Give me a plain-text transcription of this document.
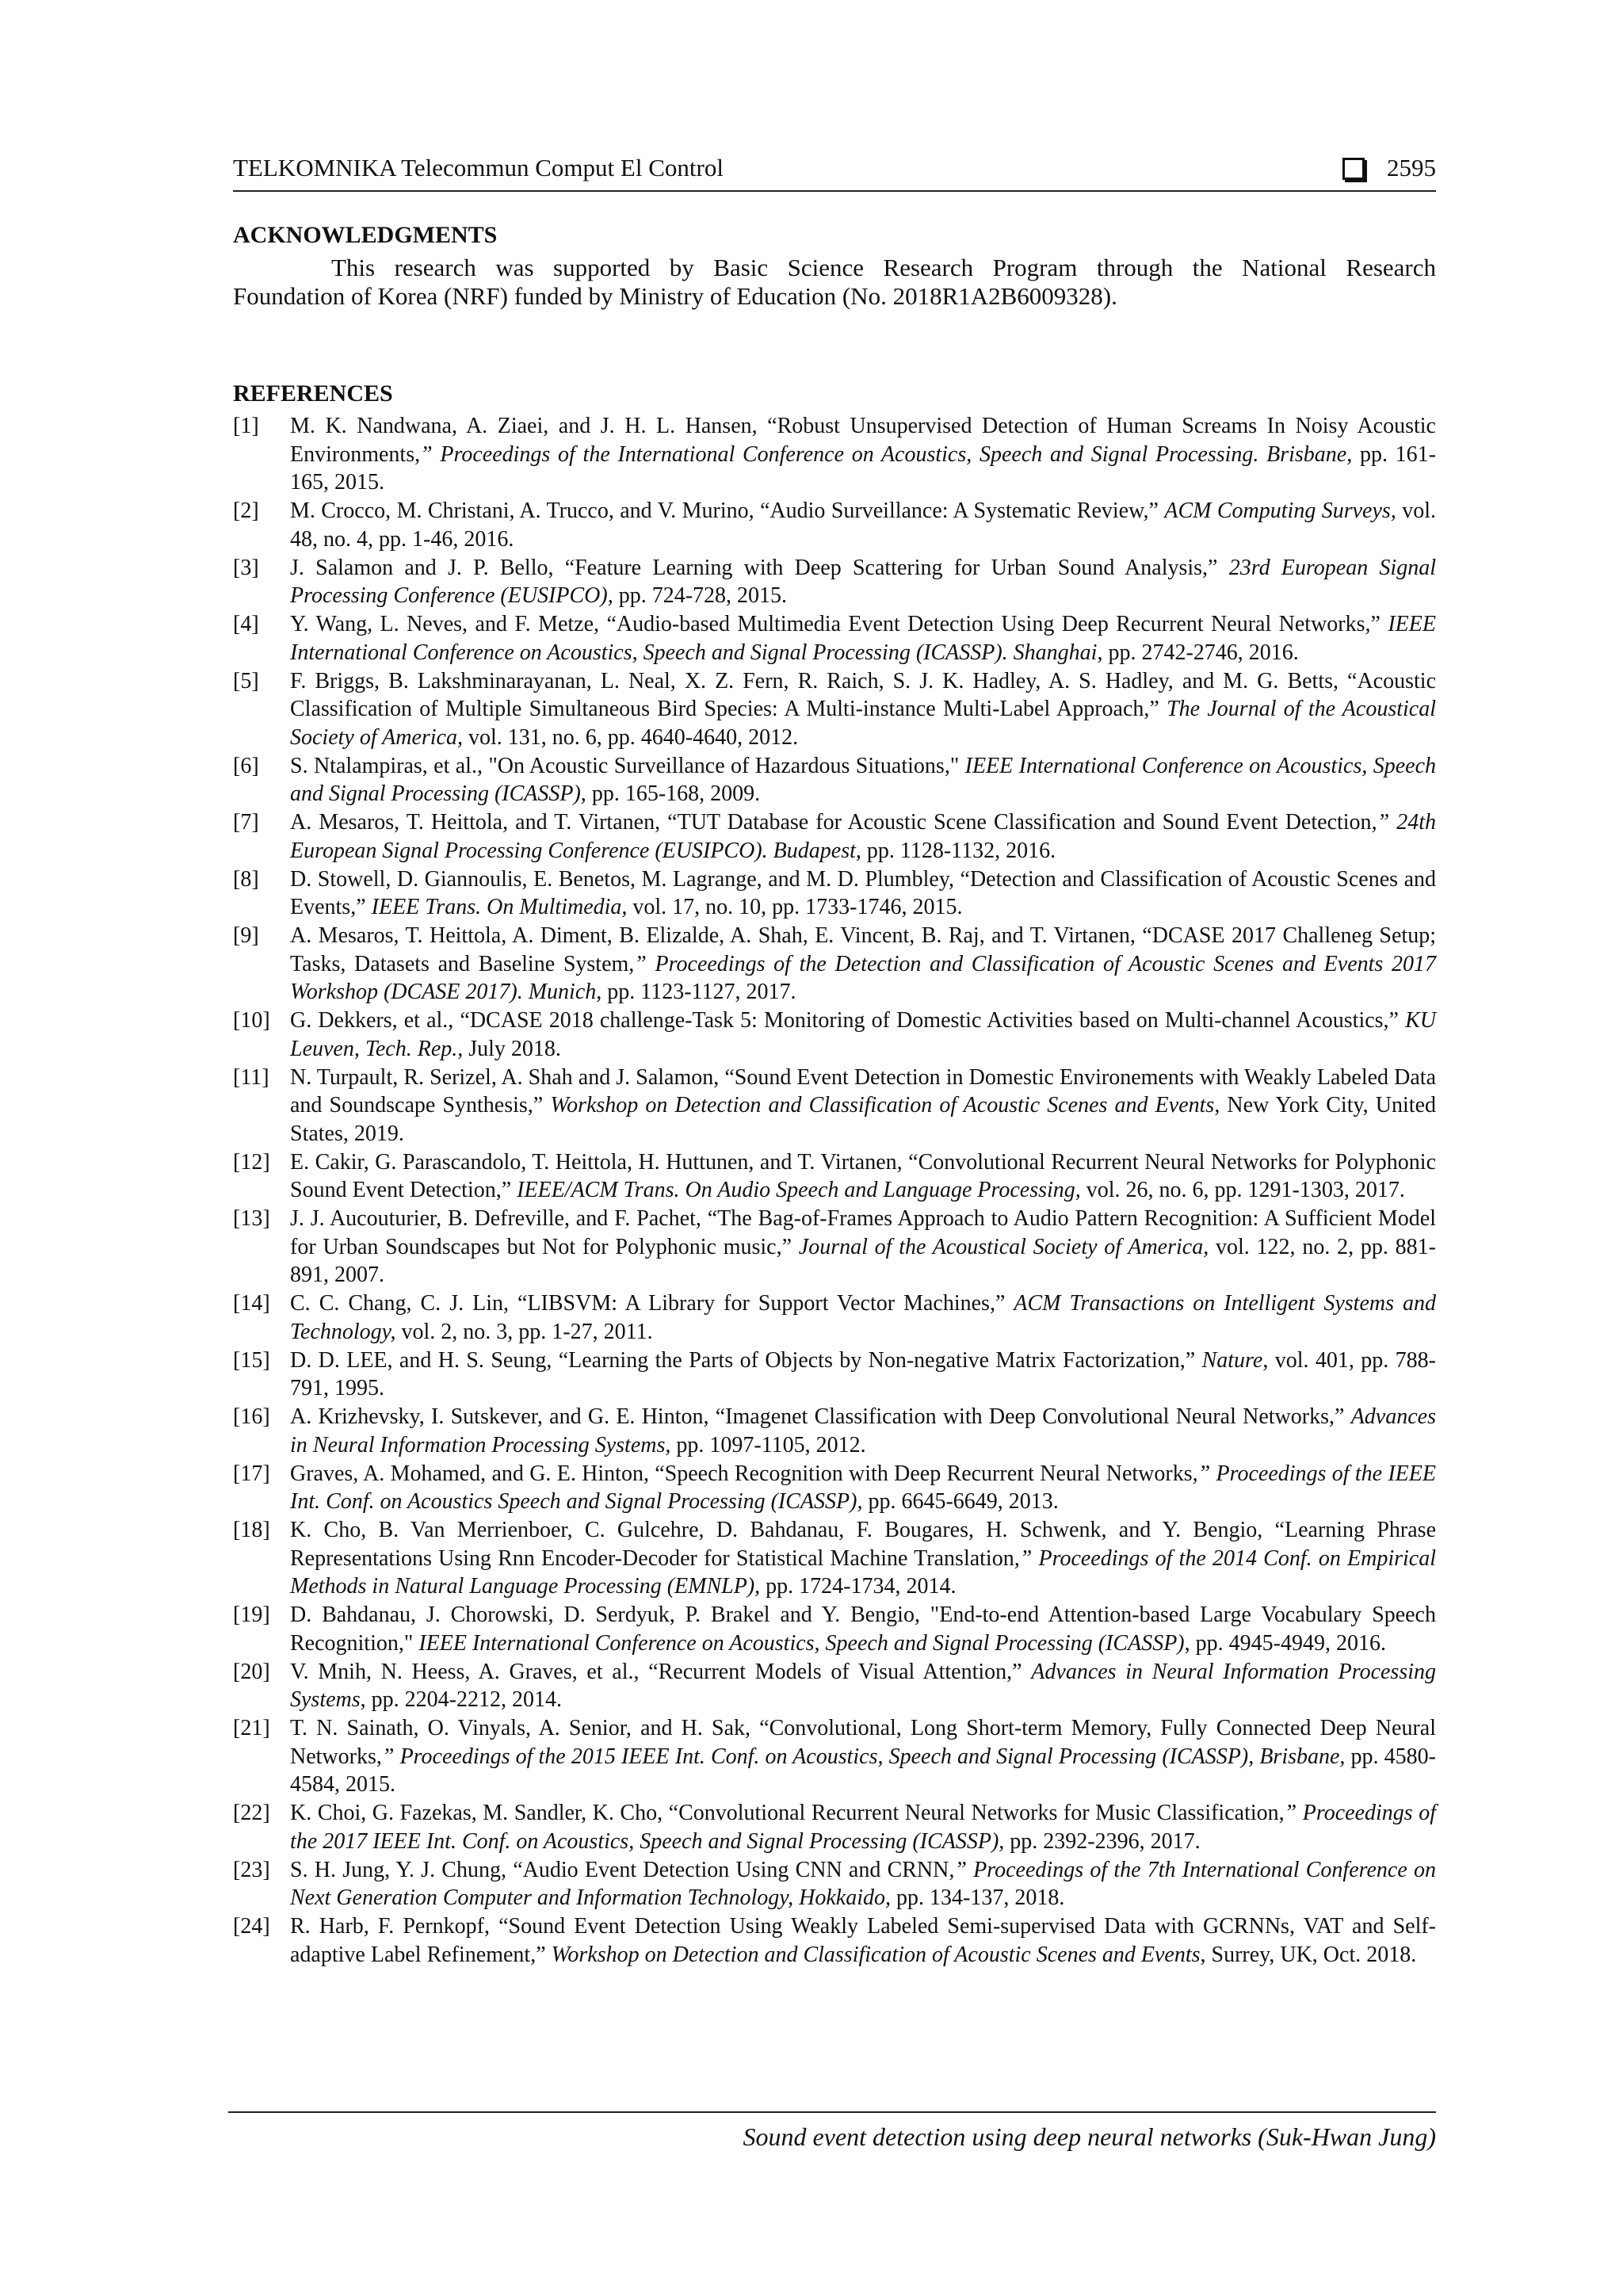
TELKOMNIKA Telecommun Comput El Control	2595
ACKNOWLEDGMENTS
This research was supported by Basic Science Research Program through the National Research
Foundation of Korea (NRF) funded by Ministry of Education (No. 2018R1A2B6009328).
REFERENCES
[1] M. K. Nandwana, A. Ziaei, and J. H. L. Hansen, “Robust Unsupervised Detection of Human Screams In Noisy Acoustic Environments,” Proceedings of the International Conference on Acoustics, Speech and Signal Processing. Brisbane, pp. 161-165, 2015.
[2] M. Crocco, M. Christani, A. Trucco, and V. Murino, “Audio Surveillance: A Systematic Review,” ACM Computing Surveys, vol. 48, no. 4, pp. 1-46, 2016.
[3] J. Salamon and J. P. Bello, “Feature Learning with Deep Scattering for Urban Sound Analysis,” 23rd European Signal Processing Conference (EUSIPCO), pp. 724-728, 2015.
[4] Y. Wang, L. Neves, and F. Metze, “Audio-based Multimedia Event Detection Using Deep Recurrent Neural Networks,” IEEE International Conference on Acoustics, Speech and Signal Processing (ICASSP). Shanghai, pp. 2742-2746, 2016.
[5] F. Briggs, B. Lakshminarayanan, L. Neal, X. Z. Fern, R. Raich, S. J. K. Hadley, A. S. Hadley, and M. G. Betts, “Acoustic Classification of Multiple Simultaneous Bird Species: A Multi-instance Multi-Label Approach,” The Journal of the Acoustical Society of America, vol. 131, no. 6, pp. 4640-4640, 2012.
[6] S. Ntalampiras, et al., "On Acoustic Surveillance of Hazardous Situations," IEEE International Conference on Acoustics, Speech and Signal Processing (ICASSP), pp. 165-168, 2009.
[7] A. Mesaros, T. Heittola, and T. Virtanen, “TUT Database for Acoustic Scene Classification and Sound Event Detection,” 24th European Signal Processing Conference (EUSIPCO). Budapest, pp. 1128-1132, 2016.
[8] D. Stowell, D. Giannoulis, E. Benetos, M. Lagrange, and M. D. Plumbley, “Detection and Classification of Acoustic Scenes and Events,” IEEE Trans. On Multimedia, vol. 17, no. 10, pp. 1733-1746, 2015.
[9] A. Mesaros, T. Heittola, A. Diment, B. Elizalde, A. Shah, E. Vincent, B. Raj, and T. Virtanen, “DCASE 2017 Challeneg Setup; Tasks, Datasets and Baseline System,” Proceedings of the Detection and Classification of Acoustic Scenes and Events 2017 Workshop (DCASE 2017). Munich, pp. 1123-1127, 2017.
[10] G. Dekkers, et al., “DCASE 2018 challenge-Task 5: Monitoring of Domestic Activities based on Multi-channel Acoustics,” KU Leuven, Tech. Rep., July 2018.
[11] N. Turpault, R. Serizel, A. Shah and J. Salamon, “Sound Event Detection in Domestic Environements with Weakly Labeled Data and Soundscape Synthesis,” Workshop on Detection and Classification of Acoustic Scenes and Events, New York City, United States, 2019.
[12] E. Cakir, G. Parascandolo, T. Heittola, H. Huttunen, and T. Virtanen, “Convolutional Recurrent Neural Networks for Polyphonic Sound Event Detection,” IEEE/ACM Trans. On Audio Speech and Language Processing, vol. 26, no. 6, pp. 1291-1303, 2017.
[13] J. J. Aucouturier, B. Defreville, and F. Pachet, “The Bag-of-Frames Approach to Audio Pattern Recognition: A Sufficient Model for Urban Soundscapes but Not for Polyphonic music,” Journal of the Acoustical Society of America, vol. 122, no. 2, pp. 881-891, 2007.
[14] C. C. Chang, C. J. Lin, “LIBSVM: A Library for Support Vector Machines,” ACM Transactions on Intelligent Systems and Technology, vol. 2, no. 3, pp. 1-27, 2011.
[15] D. D. LEE, and H. S. Seung, “Learning the Parts of Objects by Non-negative Matrix Factorization,” Nature, vol. 401, pp. 788-791, 1995.
[16] A. Krizhevsky, I. Sutskever, and G. E. Hinton, “Imagenet Classification with Deep Convolutional Neural Networks,” Advances in Neural Information Processing Systems, pp. 1097-1105, 2012.
[17] Graves, A. Mohamed, and G. E. Hinton, “Speech Recognition with Deep Recurrent Neural Networks,” Proceedings of the IEEE Int. Conf. on Acoustics Speech and Signal Processing (ICASSP), pp. 6645-6649, 2013.
[18] K. Cho, B. Van Merrienboer, C. Gulcehre, D. Bahdanau, F. Bougares, H. Schwenk, and Y. Bengio, “Learning Phrase Representations Using Rnn Encoder-Decoder for Statistical Machine Translation,” Proceedings of the 2014 Conf. on Empirical Methods in Natural Language Processing (EMNLP), pp. 1724-1734, 2014.
[19] D. Bahdanau, J. Chorowski, D. Serdyuk, P. Brakel and Y. Bengio, "End-to-end Attention-based Large Vocabulary Speech Recognition," IEEE International Conference on Acoustics, Speech and Signal Processing (ICASSP), pp. 4945-4949, 2016.
[20] V. Mnih, N. Heess, A. Graves, et al., “Recurrent Models of Visual Attention,” Advances in Neural Information Processing Systems, pp. 2204-2212, 2014.
[21] T. N. Sainath, O. Vinyals, A. Senior, and H. Sak, “Convolutional, Long Short-term Memory, Fully Connected Deep Neural Networks,” Proceedings of the 2015 IEEE Int. Conf. on Acoustics, Speech and Signal Processing (ICASSP), Brisbane, pp. 4580-4584, 2015.
[22] K. Choi, G. Fazekas, M. Sandler, K. Cho, “Convolutional Recurrent Neural Networks for Music Classification,” Proceedings of the 2017 IEEE Int. Conf. on Acoustics, Speech and Signal Processing (ICASSP), pp. 2392-2396, 2017.
[23] S. H. Jung, Y. J. Chung, “Audio Event Detection Using CNN and CRNN,” Proceedings of the 7th International Conference on Next Generation Computer and Information Technology, Hokkaido, pp. 134-137, 2018.
[24] R. Harb, F. Pernkopf, “Sound Event Detection Using Weakly Labeled Semi-supervised Data with GCRNNs, VAT and Self-adaptive Label Refinement,” Workshop on Detection and Classification of Acoustic Scenes and Events, Surrey, UK, Oct. 2018.
Sound event detection using deep neural networks (Suk-Hwan Jung)
